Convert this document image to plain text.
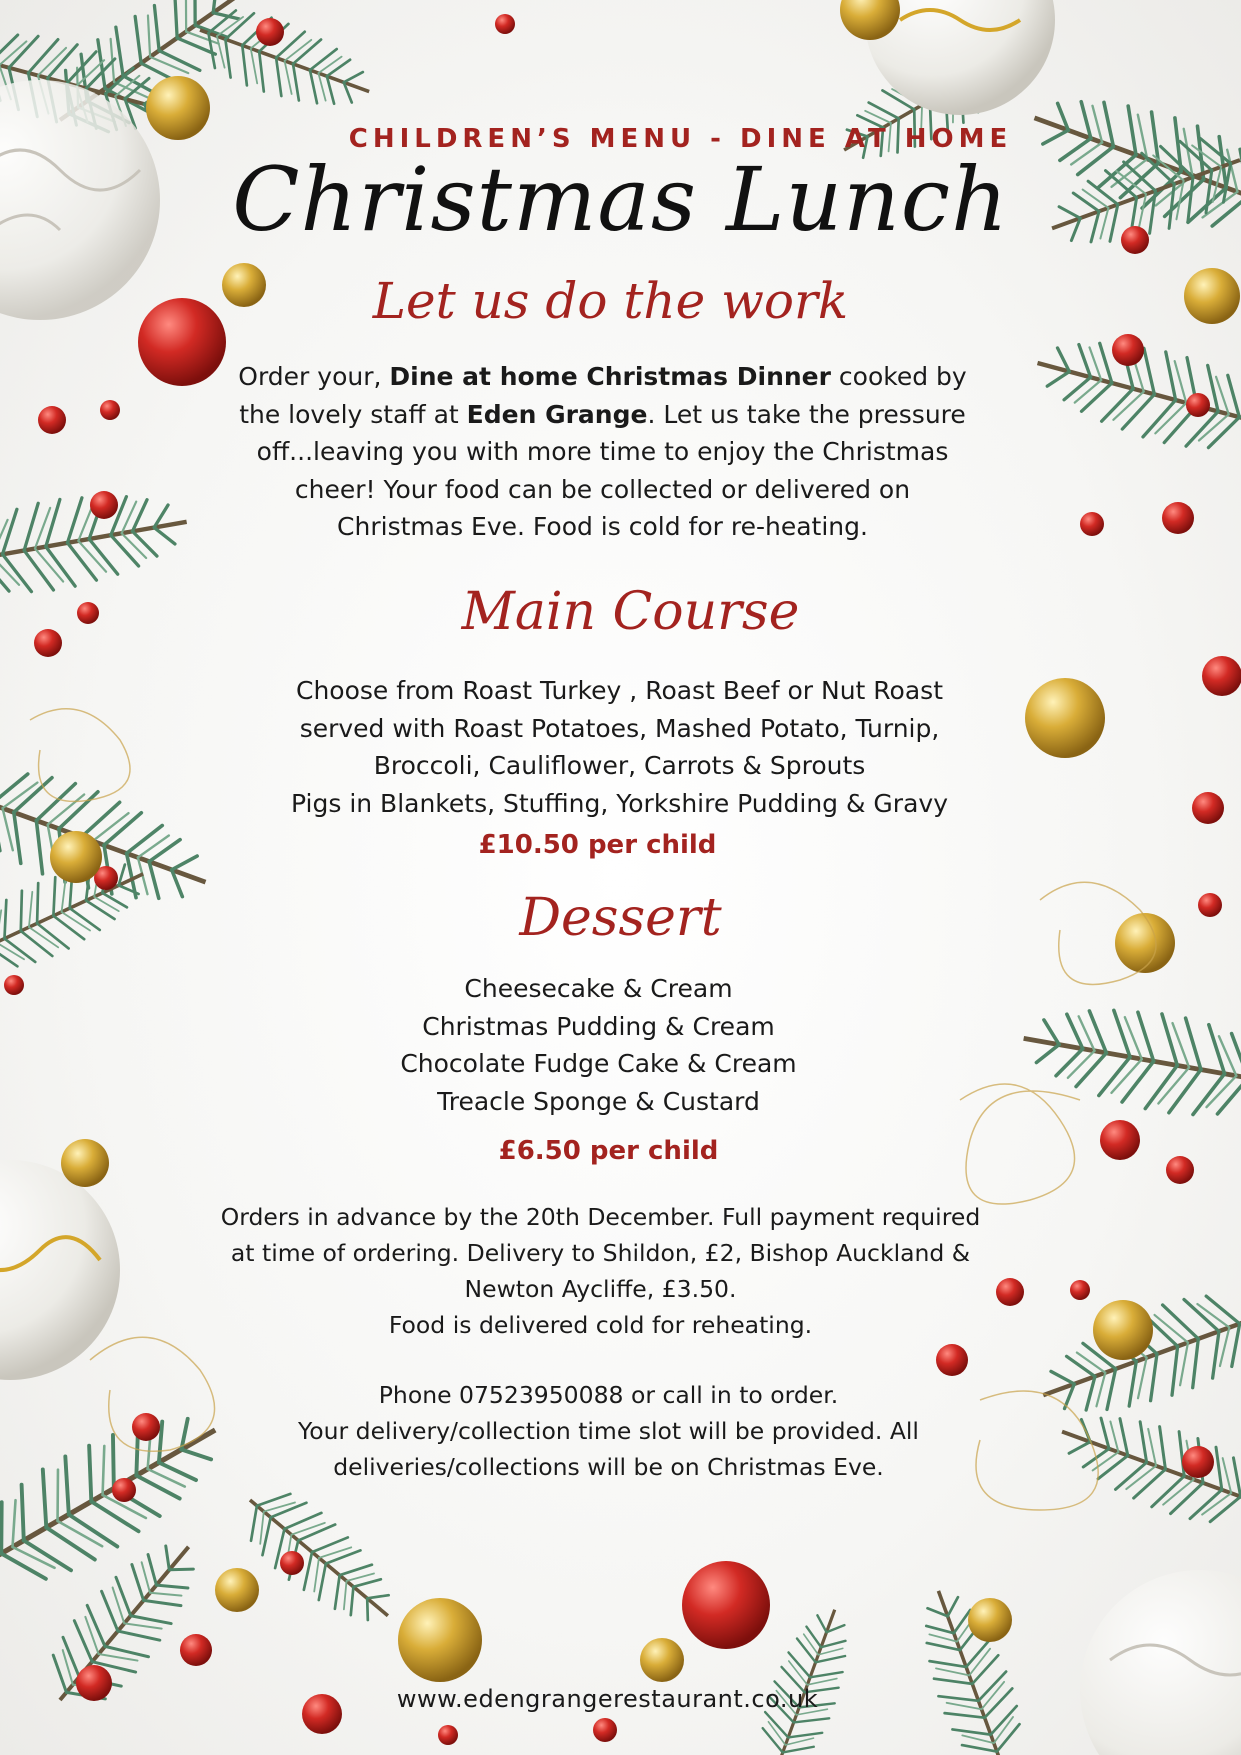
CHILDREN’S MENU - DINE AT HOME

Christmas Lunch

Let us do the work

Order your, Dine at home Christmas Dinner cooked by
the lovely staff at Eden Grange. Let us take the pressure
off...leaving you with more time to enjoy the Christmas
cheer! Your food can be collected or delivered on
Christmas Eve. Food is cold for re-heating.

Main Course

Choose from Roast Turkey , Roast Beef or Nut Roast
served with Roast Potatoes, Mashed Potato, Turnip,
Broccoli, Cauliflower, Carrots & Sprouts
Pigs in Blankets, Stuffing, Yorkshire Pudding & Gravy

£10.50 per child

Dessert

Cheesecake & Cream
Christmas Pudding & Cream
Chocolate Fudge Cake & Cream
Treacle Sponge & Custard

£6.50 per child

Orders in advance by the 20th December. Full payment required
at time of ordering. Delivery to Shildon, £2, Bishop Auckland &
Newton Aycliffe, £3.50.
Food is delivered cold for reheating.
Phone 07523950088 or call in to order.
Your delivery/collection time slot will be provided. All
deliveries/collections will be on Christmas Eve.

www.edengrangerestaurant.co.uk
